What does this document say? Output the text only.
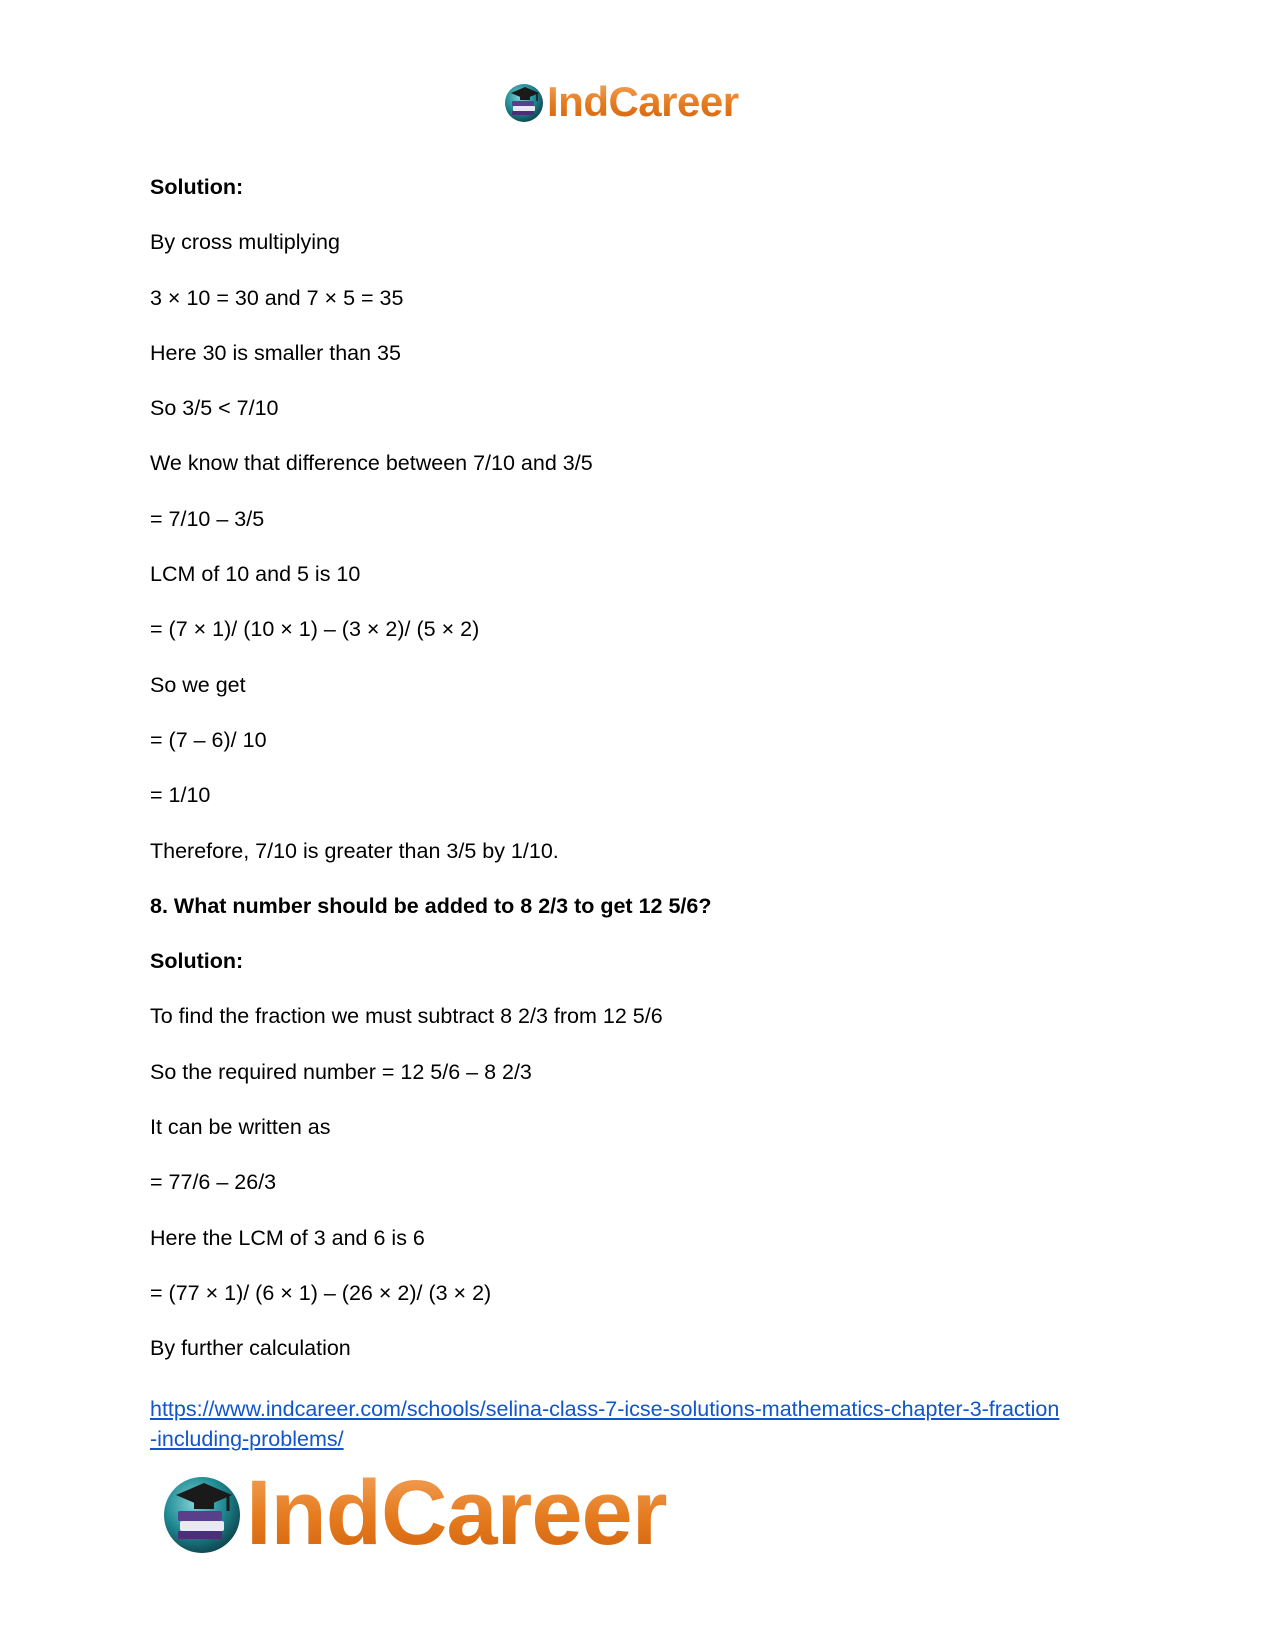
IndCareer
Solution:
By cross multiplying
3 × 10 = 30 and 7 × 5 = 35
Here 30 is smaller than 35
So 3/5 < 7/10
We know that difference between 7/10 and 3/5
= 7/10 – 3/5
LCM of 10 and 5 is 10
= (7 × 1)/ (10 × 1) – (3 × 2)/ (5 × 2)
So we get
= (7 – 6)/ 10
= 1/10
Therefore, 7/10 is greater than 3/5 by 1/10.
8. What number should be added to 8 2/3 to get 12 5/6?
Solution:
To find the fraction we must subtract 8 2/3 from 12 5/6
So the required number = 12 5/6 – 8 2/3
It can be written as
= 77/6 – 26/3
Here the LCM of 3 and 6 is 6
= (77 × 1)/ (6 × 1) – (26 × 2)/ (3 × 2)
By further calculation
https://www.indcareer.com/schools/selina-class-7-icse-solutions-mathematics-chapter-3-fraction
-including-problems/
IndCareer
